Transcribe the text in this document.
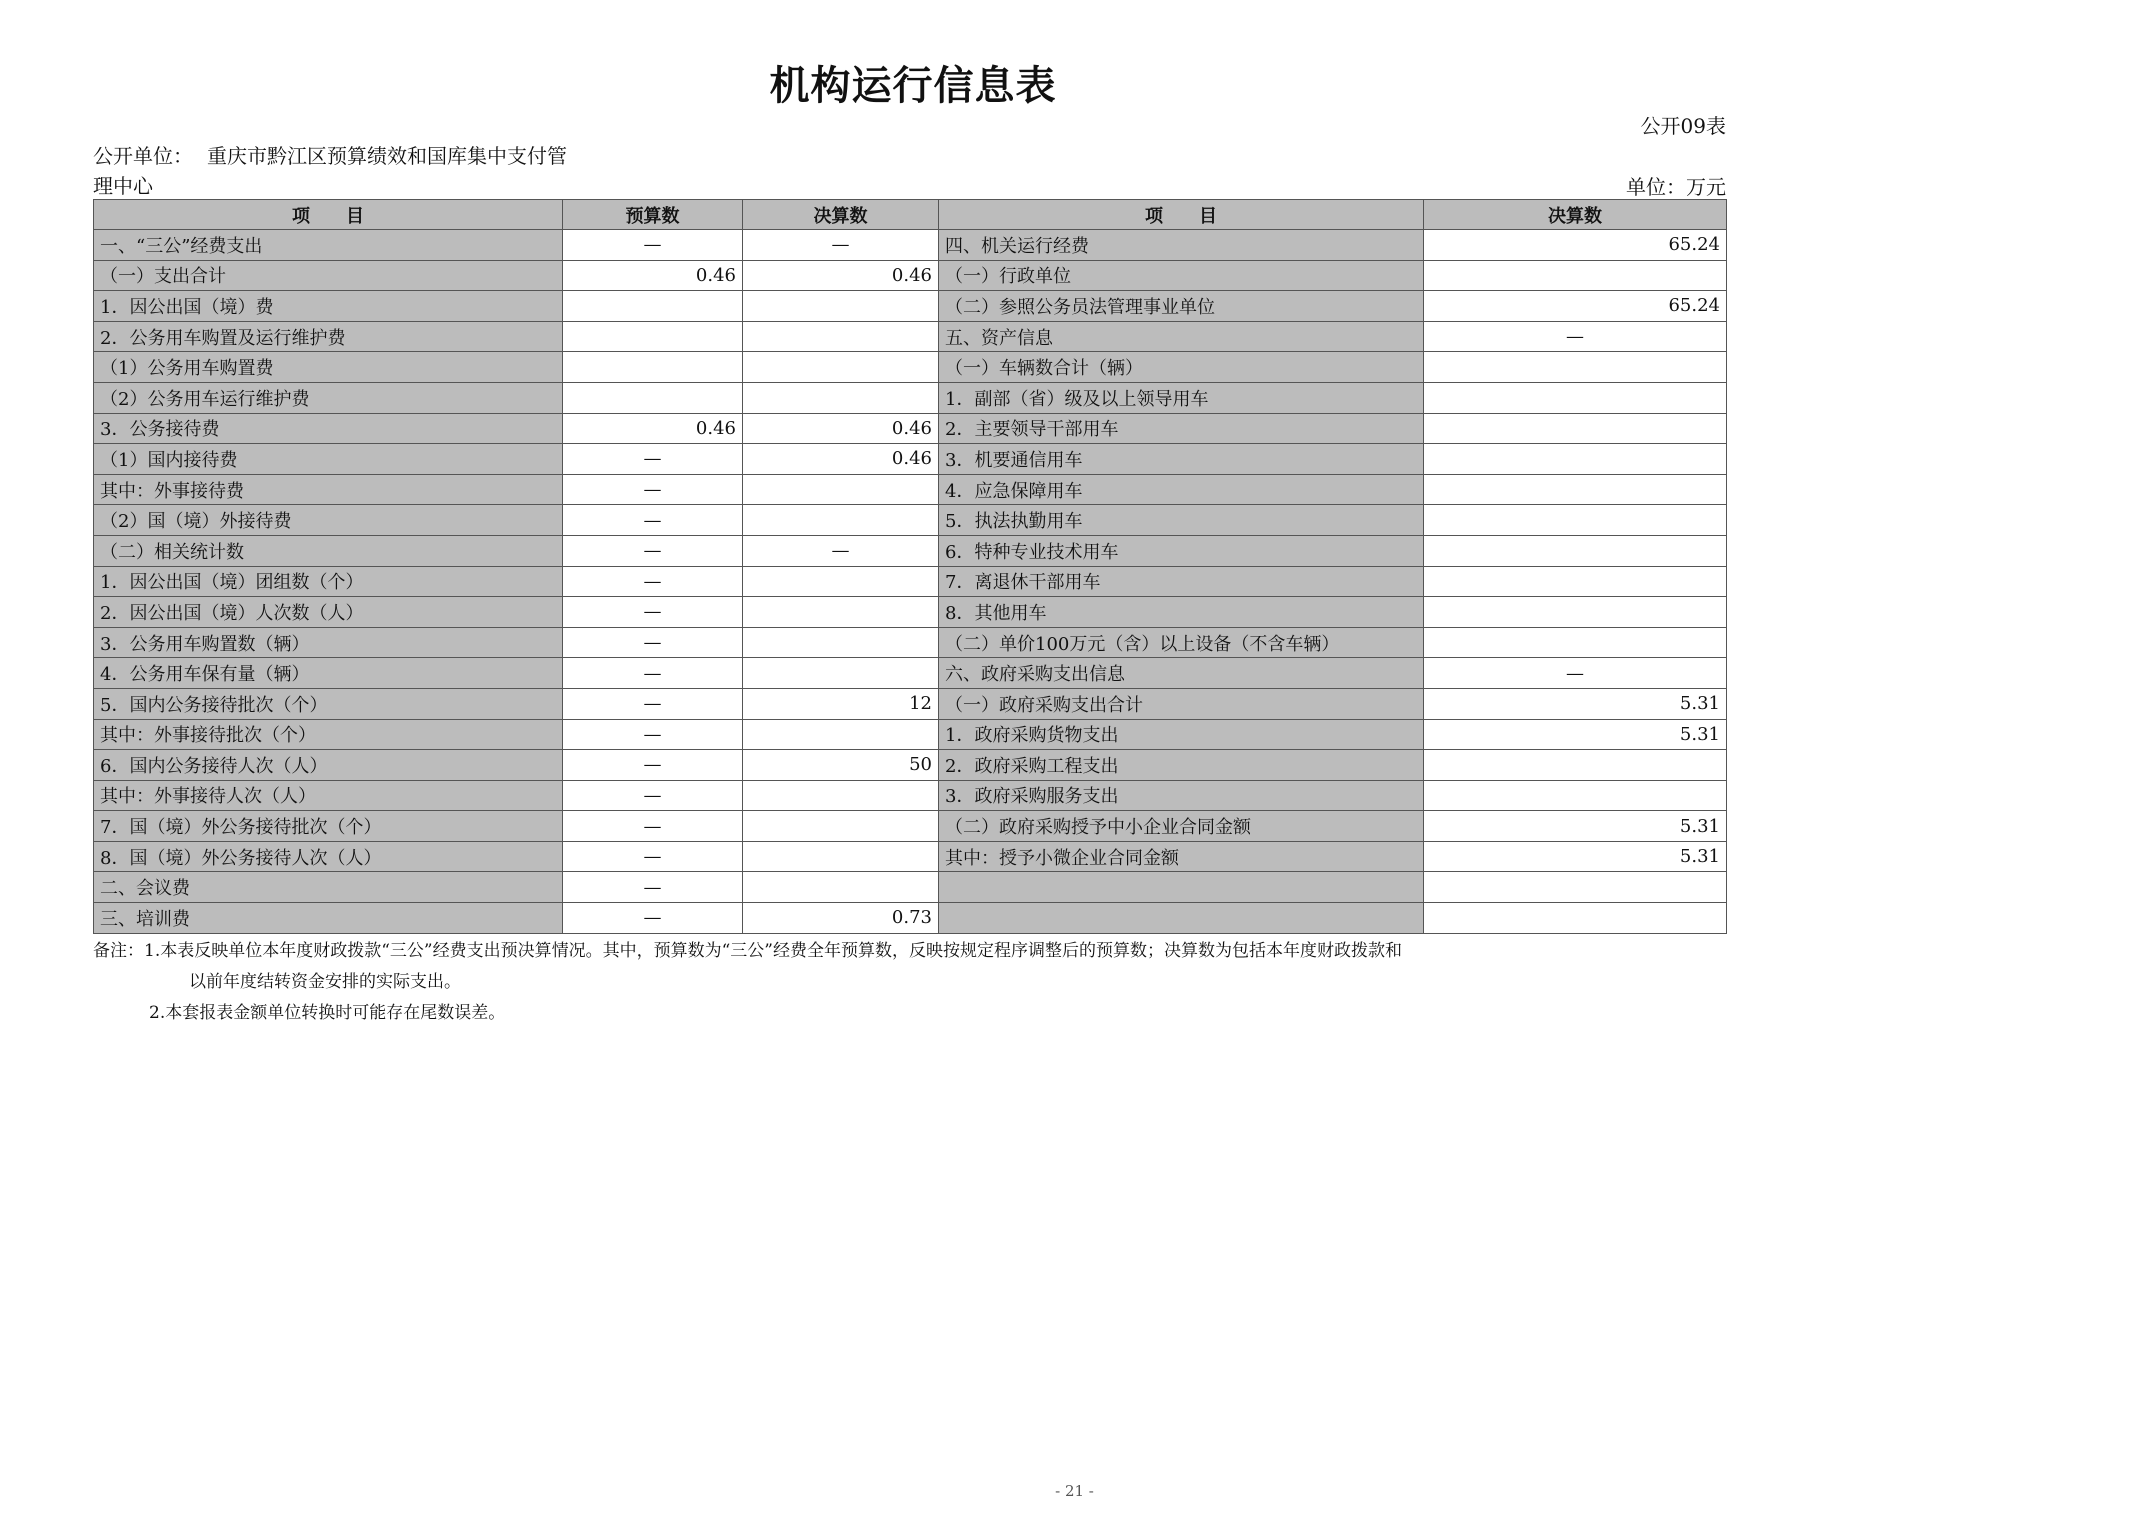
机构运行信息表
公开09表
公开单位： 重庆市黔江区预算绩效和国库集中支付管理中心	单位：万元
项　　目	预算数	决算数	项　　目	决算数
一、“三公”经费支出	—	—	四、机关运行经费	65.24
（一）支出合计	0.46	0.46	（一）行政单位	
1．因公出国（境）费			（二）参照公务员法管理事业单位	65.24
2．公务用车购置及运行维护费			五、资产信息	—
（1）公务用车购置费			（一）车辆数合计（辆）	
（2）公务用车运行维护费			1．副部（省）级及以上领导用车	
3．公务接待费	0.46	0.46	2．主要领导干部用车	
（1）国内接待费	—	0.46	3．机要通信用车	
其中：外事接待费	—		4．应急保障用车	
（2）国（境）外接待费	—		5．执法执勤用车	
（二）相关统计数	—	—	6．特种专业技术用车	
1．因公出国（境）团组数（个）	—		7．离退休干部用车	
2．因公出国（境）人次数（人）	—		8．其他用车	
3．公务用车购置数（辆）	—		（二）单价100万元（含）以上设备（不含车辆）	
4．公务用车保有量（辆）	—		六、政府采购支出信息	—
5．国内公务接待批次（个）	—	12	（一）政府采购支出合计	5.31
其中：外事接待批次（个）	—		1．政府采购货物支出	5.31
6．国内公务接待人次（人）	—	50	2．政府采购工程支出	
其中：外事接待人次（人）	—		3．政府采购服务支出	
7．国（境）外公务接待批次（个）	—		（二）政府采购授予中小企业合同金额	5.31
8．国（境）外公务接待人次（人）	—		其中：授予小微企业合同金额	5.31
二、会议费	—			
三、培训费	—	0.73		
备注：1.本表反映单位本年度财政拨款“三公”经费支出预决算情况。其中，预算数为“三公”经费全年预算数，反映按规定程序调整后的预算数；决算数为包括本年度财政拨款和
以前年度结转资金安排的实际支出。
2.本套报表金额单位转换时可能存在尾数误差。
- 21 -
